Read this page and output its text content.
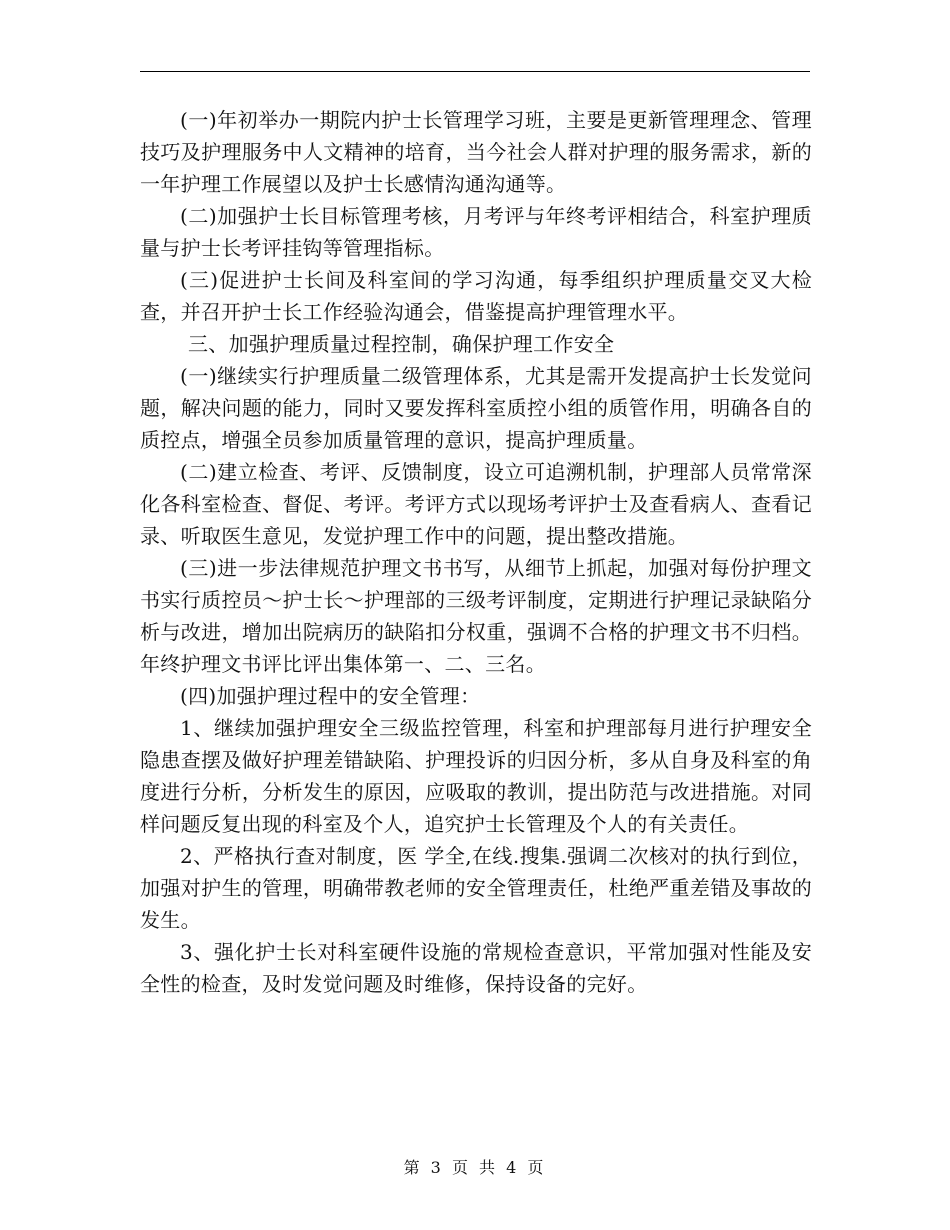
(一)年初举办一期院内护士长管理学习班，主要是更新管理理念、管理技巧及护理服务中人文精神的培育，当今社会人群对护理的服务需求，新的一年护理工作展望以及护士长感情沟通沟通等。

(二)加强护士长目标管理考核，月考评与年终考评相结合，科室护理质量与护士长考评挂钩等管理指标。

(三)促进护士长间及科室间的学习沟通，每季组织护理质量交叉大检查，并召开护士长工作经验沟通会，借鉴提高护理管理水平。

三、加强护理质量过程控制，确保护理工作安全

(一)继续实行护理质量二级管理体系，尤其是需开发提高护士长发觉问题，解决问题的能力，同时又要发挥科室质控小组的质管作用，明确各自的质控点，增强全员参加质量管理的意识，提高护理质量。

(二)建立检查、考评、反馈制度，设立可追溯机制，护理部人员常常深化各科室检查、督促、考评。考评方式以现场考评护士及查看病人、查看记录、听取医生意见，发觉护理工作中的问题，提出整改措施。

(三)进一步法律规范护理文书书写，从细节上抓起，加强对每份护理文书实行质控员～护士长～护理部的三级考评制度，定期进行护理记录缺陷分析与改进，增加出院病历的缺陷扣分权重，强调不合格的护理文书不归档。年终护理文书评比评出集体第一、二、三名。

(四)加强护理过程中的安全管理：

1、继续加强护理安全三级监控管理，科室和护理部每月进行护理安全隐患查摆及做好护理差错缺陷、护理投诉的归因分析，多从自身及科室的角度进行分析，分析发生的原因，应吸取的教训，提出防范与改进措施。对同样问题反复出现的科室及个人，追究护士长管理及个人的有关责任。

2、严格执行查对制度，医 学全,在线.搜集.强调二次核对的执行到位，加强对护生的管理，明确带教老师的安全管理责任，杜绝严重差错及事故的发生。

3、强化护士长对科室硬件设施的常规检查意识，平常加强对性能及安全性的检查，及时发觉问题及时维修，保持设备的完好。

第 3 页 共 4 页
